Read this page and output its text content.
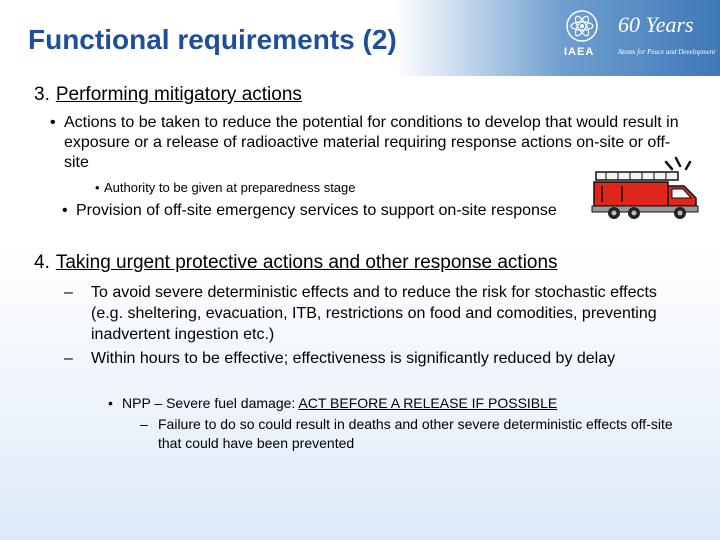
IAEA
60 Years
Atoms for Peace and Development
Functional requirements (2)
3. Performing mitigatory actions
• Actions to be taken to reduce the potential for conditions to develop that would result in exposure or a release of radioactive material requiring response actions on-site or off-site
• Authority to be given at preparedness stage
• Provision of off-site emergency services to support on-site response
4. Taking urgent protective actions and other response actions
– To avoid severe deterministic effects and to reduce the risk for stochastic effects (e.g. sheltering, evacuation, ITB, restrictions on food and comodities, preventing inadvertent ingestion etc.)
– Within hours to be effective; effectiveness is significantly reduced by delay
• NPP – Severe fuel damage: ACT BEFORE A RELEASE IF POSSIBLE
– Failure to do so could result in deaths and other severe deterministic effects off-site that could have been prevented
